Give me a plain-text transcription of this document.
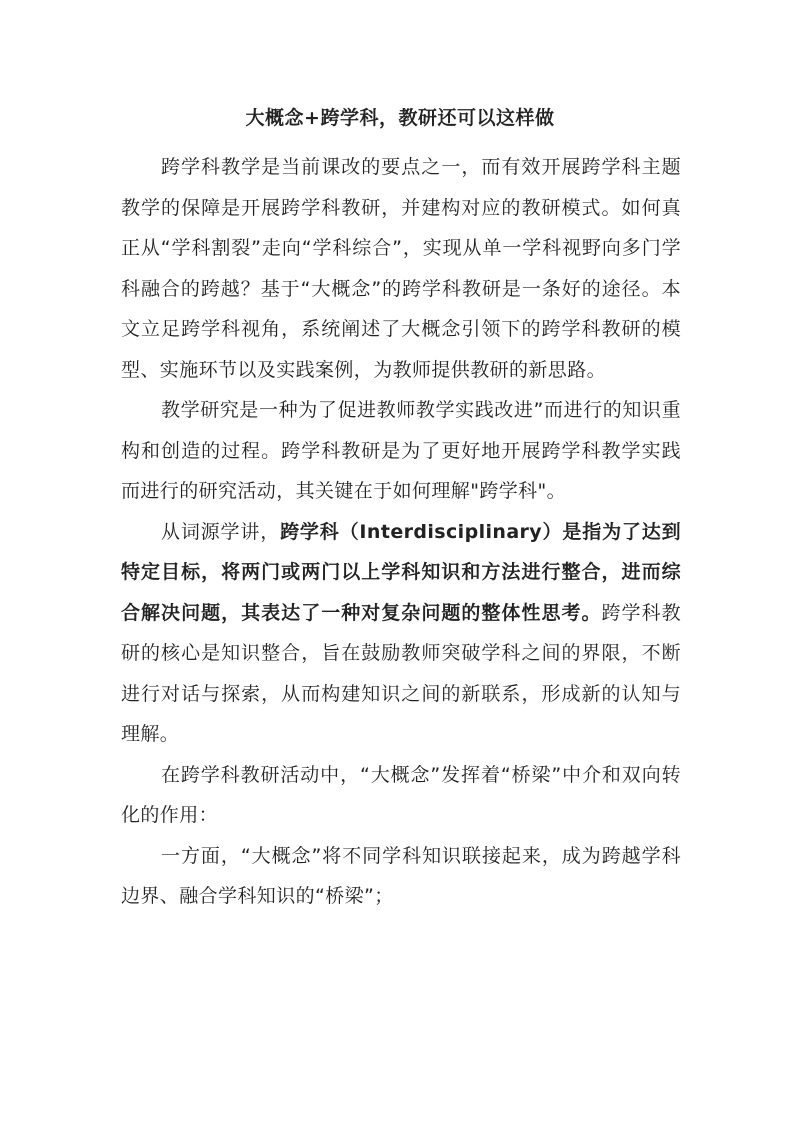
大概念+跨学科，教研还可以这样做

跨学科教学是当前课改的要点之一，而有效开展跨学科主题教学的保障是开展跨学科教研，并建构对应的教研模式。如何真正从“学科割裂”走向“学科综合”，实现从单一学科视野向多门学科融合的跨越？基于“大概念”的跨学科教研是一条好的途径。本文立足跨学科视角，系统阐述了大概念引领下的跨学科教研的模型、实施环节以及实践案例，为教师提供教研的新思路。

教学研究是一种为了促进教师教学实践改进”而进行的知识重构和创造的过程。跨学科教研是为了更好地开展跨学科教学实践而进行的研究活动，其关键在于如何理解"跨学科"。

从词源学讲，跨学科（Interdisciplinary）是指为了达到特定目标，将两门或两门以上学科知识和方法进行整合，进而综合解决问题，其表达了一种对复杂问题的整体性思考。跨学科教研的核心是知识整合，旨在鼓励教师突破学科之间的界限，不断进行对话与探索，从而构建知识之间的新联系，形成新的认知与理解。

在跨学科教研活动中，“大概念”发挥着“桥梁”中介和双向转化的作用：

一方面，“大概念”将不同学科知识联接起来，成为跨越学科边界、融合学科知识的“桥梁”；
